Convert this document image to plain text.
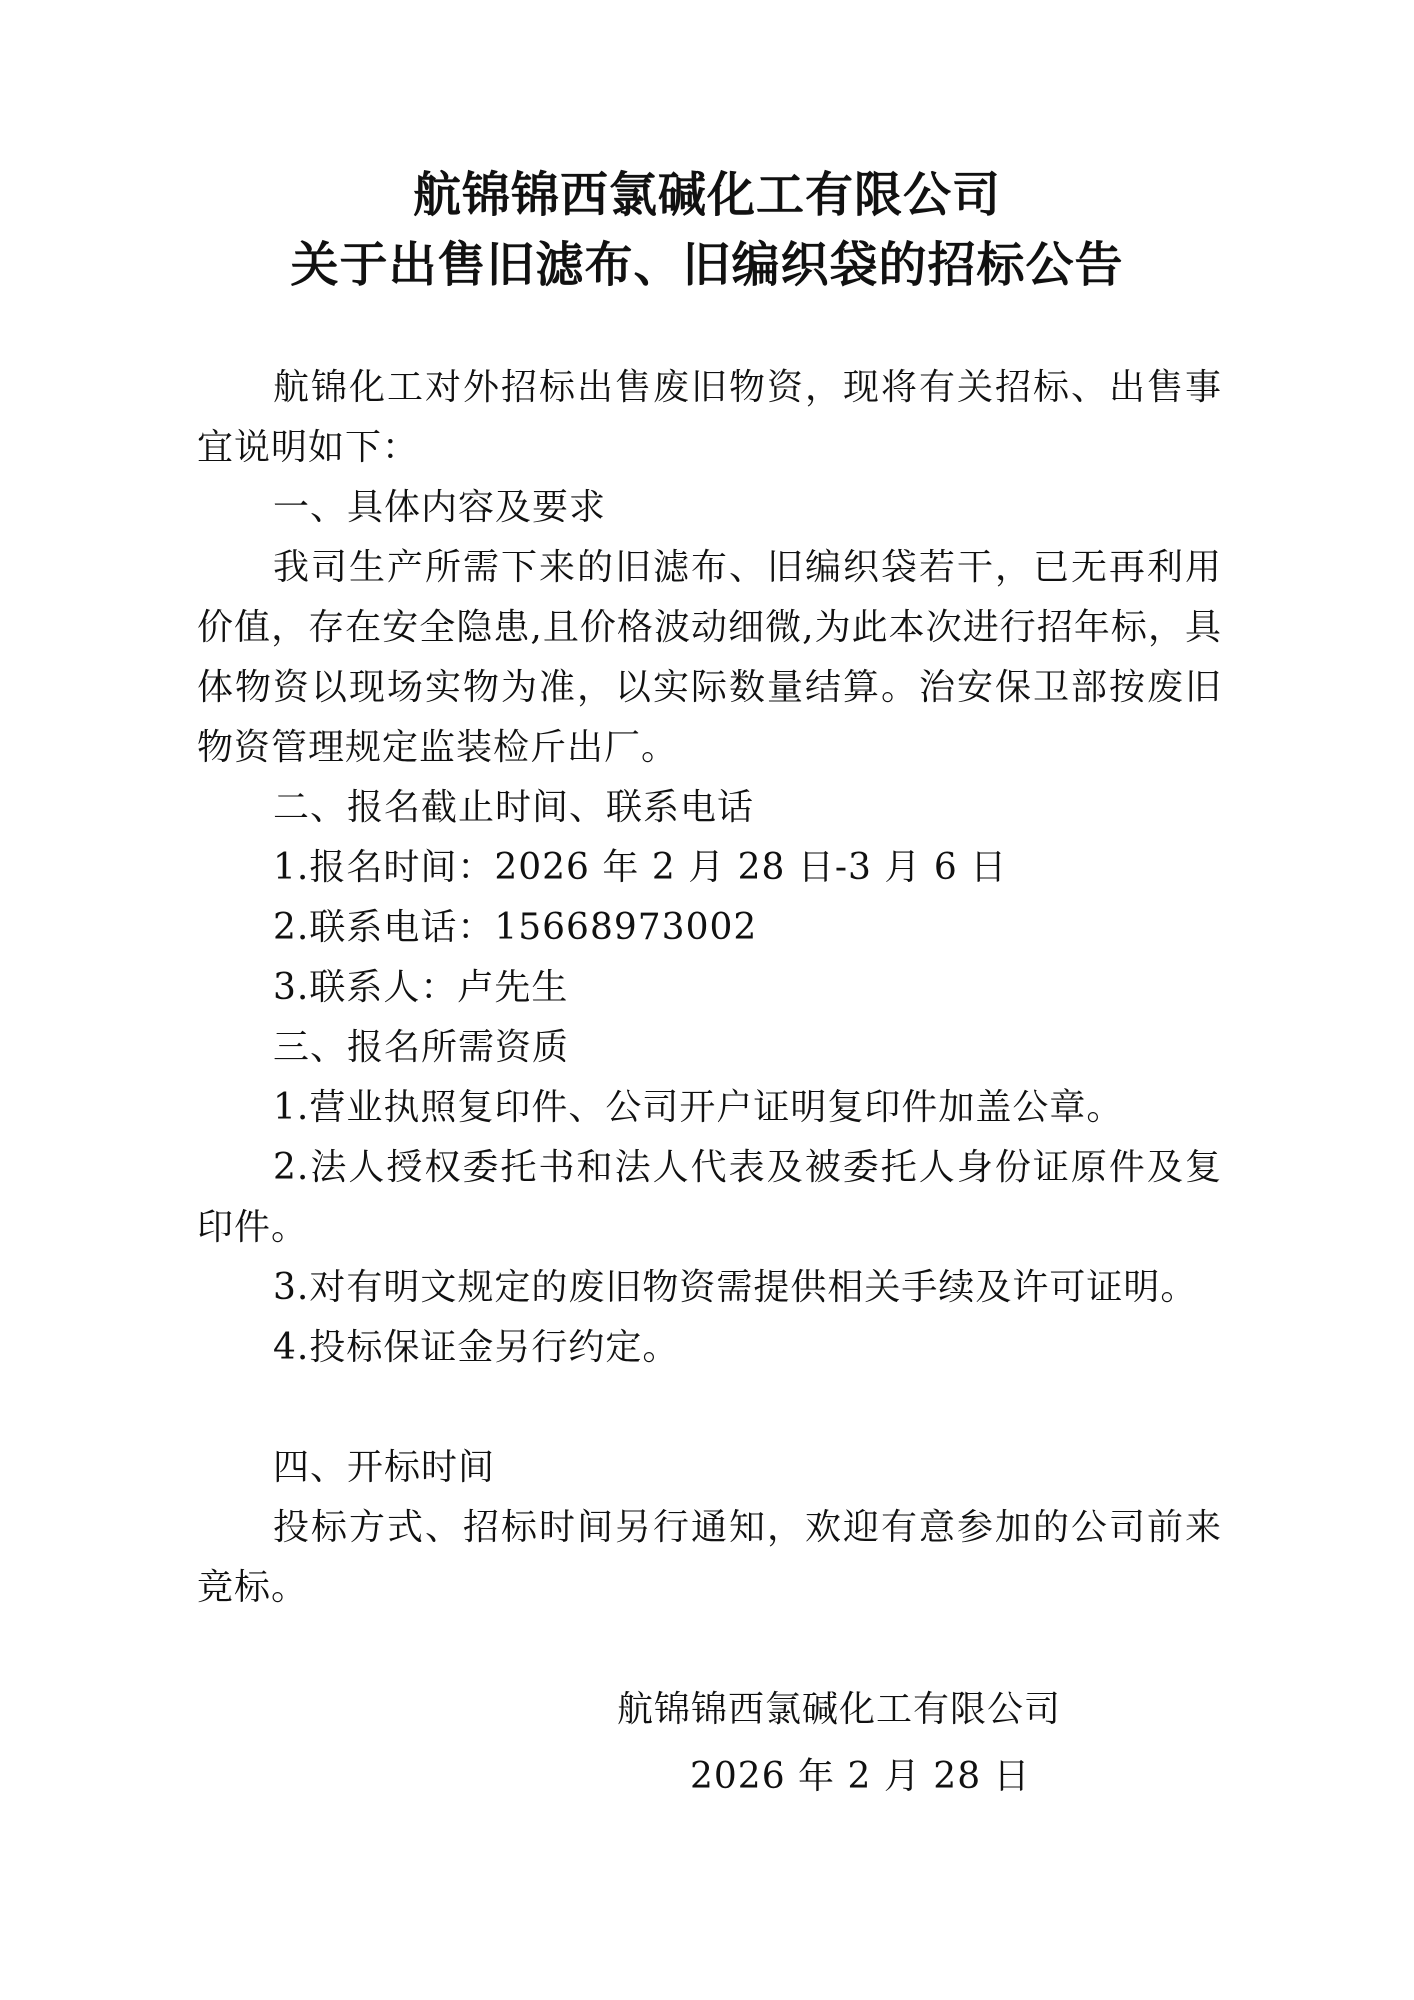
航锦锦西氯碱化工有限公司
关于出售旧滤布、旧编织袋的招标公告

航锦化工对外招标出售废旧物资，现将有关招标、出售事宜说明如下：

一、具体内容及要求

我司生产所需下来的旧滤布、旧编织袋若干，已无再利用价值，存在安全隐患,且价格波动细微,为此本次进行招年标，具体物资以现场实物为准，以实际数量结算。治安保卫部按废旧物资管理规定监装检斤出厂。

二、报名截止时间、联系电话

1.报名时间：2026 年 2 月 28 日-3 月 6 日

2.联系电话：15668973002

3.联系人：卢先生

三、报名所需资质

1.营业执照复印件、公司开户证明复印件加盖公章。

2.法人授权委托书和法人代表及被委托人身份证原件及复印件。

3.对有明文规定的废旧物资需提供相关手续及许可证明。

4.投标保证金另行约定。

四、开标时间

投标方式、招标时间另行通知，欢迎有意参加的公司前来竞标。

航锦锦西氯碱化工有限公司
2026 年 2 月 28 日
